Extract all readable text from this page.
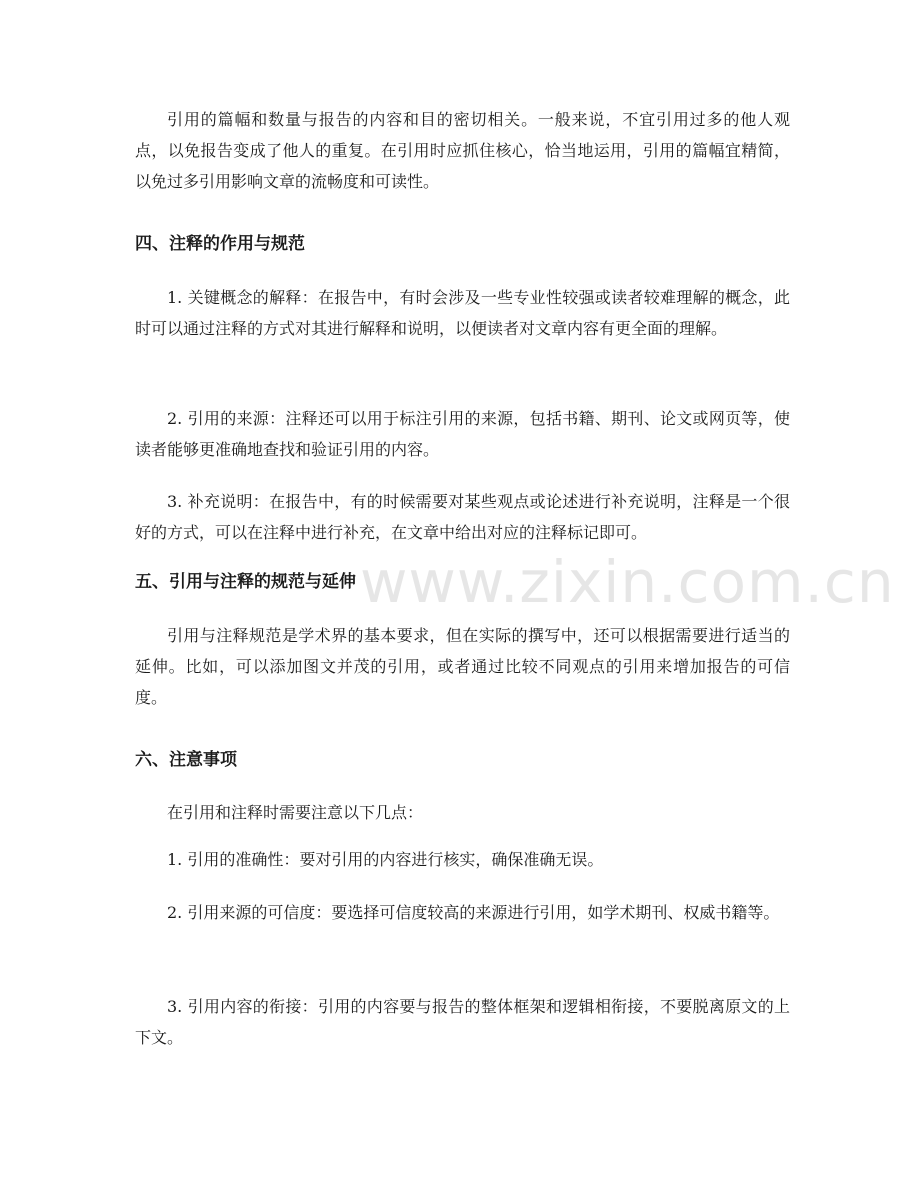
www.zixin.com.cn

引用的篇幅和数量与报告的内容和目的密切相关。一般来说，不宜引用过多的他人观点，以免报告变成了他人的重复。在引用时应抓住核心，恰当地运用，引用的篇幅宜精简，以免过多引用影响文章的流畅度和可读性。

四、注释的作用与规范

1. 关键概念的解释：在报告中，有时会涉及一些专业性较强或读者较难理解的概念，此时可以通过注释的方式对其进行解释和说明，以便读者对文章内容有更全面的理解。

2. 引用的来源：注释还可以用于标注引用的来源，包括书籍、期刊、论文或网页等，使读者能够更准确地查找和验证引用的内容。

3. 补充说明：在报告中，有的时候需要对某些观点或论述进行补充说明，注释是一个很好的方式，可以在注释中进行补充，在文章中给出对应的注释标记即可。

五、引用与注释的规范与延伸

引用与注释规范是学术界的基本要求，但在实际的撰写中，还可以根据需要进行适当的延伸。比如，可以添加图文并茂的引用，或者通过比较不同观点的引用来增加报告的可信度。

六、注意事项

在引用和注释时需要注意以下几点：

1. 引用的准确性：要对引用的内容进行核实，确保准确无误。

2. 引用来源的可信度：要选择可信度较高的来源进行引用，如学术期刊、权威书籍等。

3. 引用内容的衔接：引用的内容要与报告的整体框架和逻辑相衔接，不要脱离原文的上下文。
